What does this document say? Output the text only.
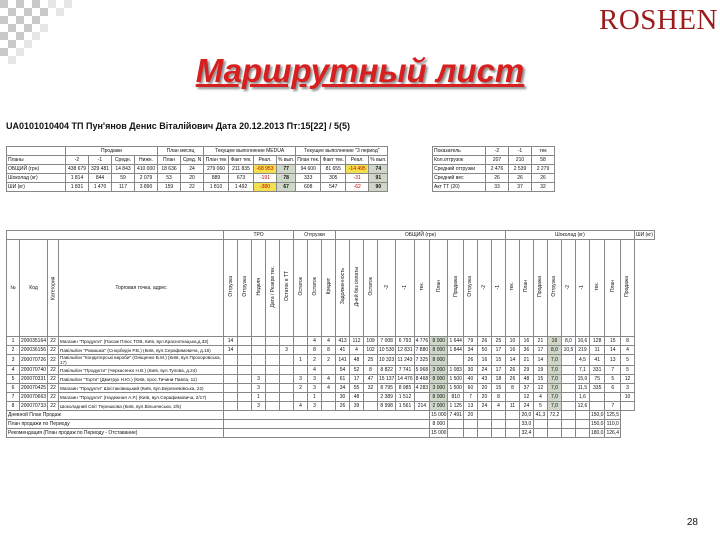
ROSHEN
Маршрутный лист
UA0101010404 ТП Пун'янов Денис Віталійович Дата 20.12.2013 Пт:15[22] / 5(5)
	Продажи				План месяц		Текущее выполнение MEDUA				Текущее выполнение "3 период"			
Планы	-2	-1	Средн.	Нижн.	План	Сред. N	План тек	Факт тек.	Реал.	% вып.	План тек.	Факт тек.	Реал.	% вып.
ОБЩИЙ (грн)	438 679	329 481	14 843	410 000	18 636	24	279 060	211 835	-68 953	77	94 600	81 655	-14 495	74
Шоколад (кг)	1 814	844	59	2 079	53	20	889	673	-191	78	333	305	-31	91
ШИ (кг)	1 831	1 470	117	3 890	159	22	1 810	1 492	-380	67	608	547	-62	90
Показатель	-2	-1	тек
Кол.отгрузок	207	210	58
Средний отгрузки	2 476	2 539	2 279
Средний вес	26	26	26
Акт ТТ (20)	33	37	32
				ТРО					Отгрузки			ОБЩИЙ (грн)											Шоколад (кг)									ШИ (кг)
№	Код	Категория	Торговая точка, адрес	Отгрузка	Отгрузка	Неделя	Дата / Резерв тек.	Остаток в ТТ	Остаток	Остаток	Кредит	Задолженность	Дней без оплаты	Остаток	-2	-1	тек.	План	Продажа	Отгрузка	-2	-1	тек.	План	Продажа	Отгрузка	-2	-1	тек.	План	Продажа	
1	200035164	22	Магазин "Продукти" (Пасаж Плюс ТОВ, Київ, вул.Красноткацька,д.33)	14						4	4	413	112	109	7 008	6 793	4 776	8 000	1 644	79	26	25	10	16	21	16	8,0	16,6	128	15	8	
2	200036156	22	Павільйон "Ромашка" (Снорбедін Р.В.) (Київ, вул.Серафимовича, д.16)	14				3		8	8	41	4	102	10 530	12 831	7 880	8 000	1 844	34	50	17	16	36	17	8,0	10,5	219	11	14	4	
3	200070726	22	Павільйон "Кондитерські вироби" (Оніщенко В.М.) (Київ, вул.Прохоровська, 17)						1	2	2	141	48	25	10 323	11 243	7 325	8 000		26	16	15	14	21	14	7,0		4,5	41	13	5	
4	200070740	22	Павільйон "Продукти" (Черкасенко Н.В.) (Київ, вул.Тупова, д.24)							4		54	52	8	8 822	7 741	5 968	3 000	1 083	30	24	17	26	29	19	7,0		7,1	331	7	5	
5	200070331	22	Павільйон "Торти" (Дмитрук Н.Ю.) (Київ, прос.Тичини Павла, 11)			3			3	3	4	61	17	47	15 137	14 476	8 468	8 000	1 500	40	43	18	26	48	15	7,0		15,0	75	5	12	
6	200070425	22	Магазин "Продукти" Шостаковицький (Київ, вул.Березняківська, 22)			3			2	3	4	34	55	32	8 795	8 985	4 283	3 000	1 500	60	20	15	8	37	12	7,0		11,5	335	6	3	
7	200070663	22	Магазин "Продукти" (Надежная А.Р.) (Київ, вул.Серафимовича, 2/17)			1				1		30	48		2 389	1 512		8 000	810	7	20	8		12	4	7,0		1,6			10	
8	200070733	22	Шоколадний Світ Терешкова (Київ, вул.Вільнянська, 2/5)			3			4	3		26	39		8 998	1 561	214	2 000	1 125	13	24	4	11	24	5	7,0		12,6		7		
Дневной План Продаж																		15 000	7 491	20				20,0	41,3	72,2			150,0	125,5		
План продажи по Периоду																		8 000						33,0					150,0	110,0		
Рекомендация (План продаж по Периоду - Отставание)																		15 000						32,4					180,0	126,4		
28
